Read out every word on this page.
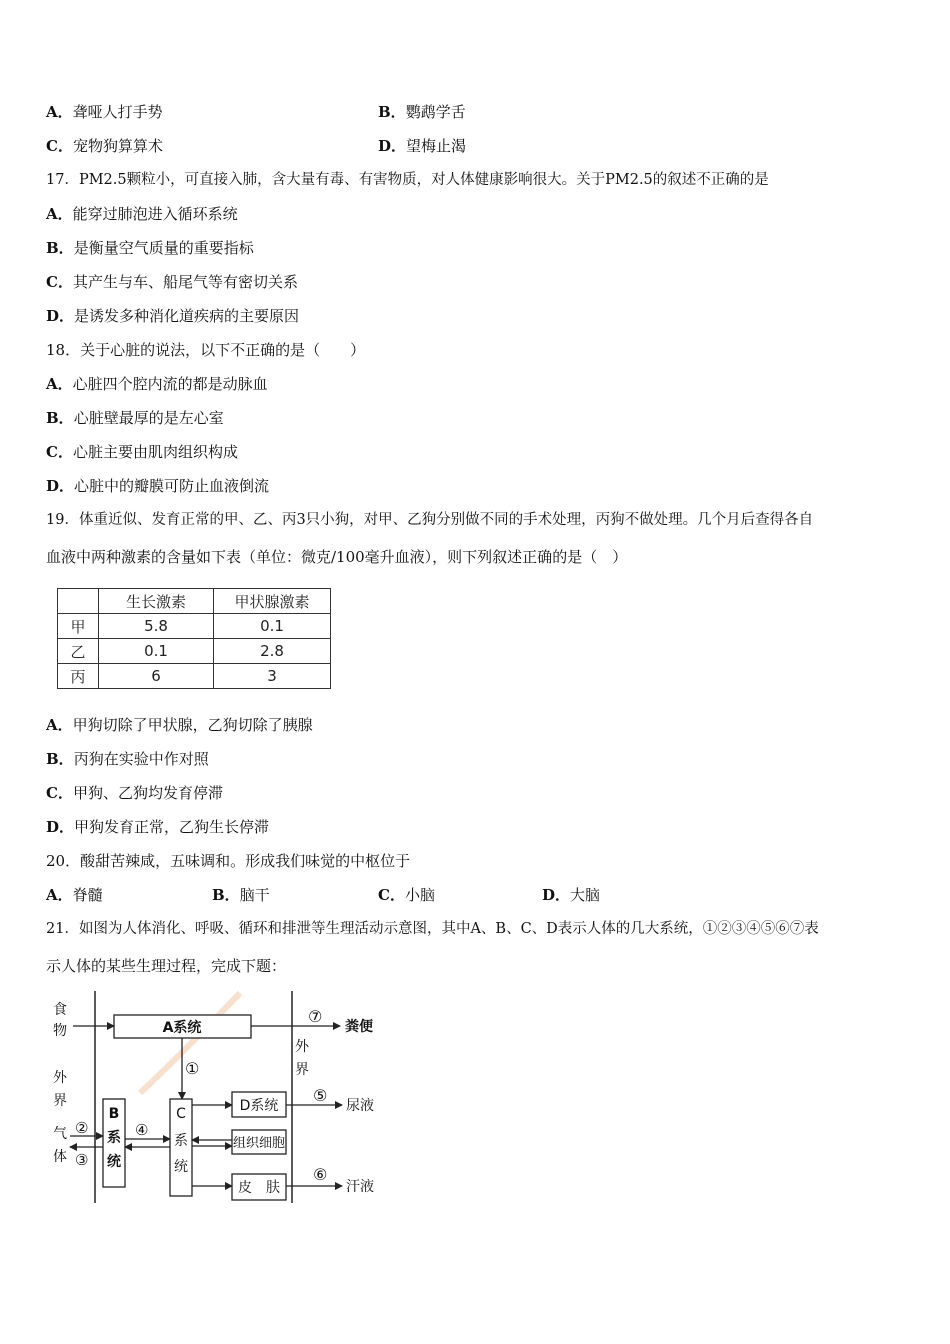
A．聋哑人打手势	B．鹦鹉学舌
C．宠物狗算算术	D．望梅止渴
17．PM2.5颗粒小，可直接入肺，含大量有毒、有害物质，对人体健康影响很大。关于PM2.5的叙述不正确的是
A．能穿过肺泡进入循环系统
B．是衡量空气质量的重要指标
C．其产生与车、船尾气等有密切关系
D．是诱发多种消化道疾病的主要原因
18．关于心脏的说法，以下不正确的是（　　）
A．心脏四个腔内流的都是动脉血
B．心脏壁最厚的是左心室
C．心脏主要由肌肉组织构成
D．心脏中的瓣膜可防止血液倒流
19．体重近似、发育正常的甲、乙、丙3只小狗，对甲、乙狗分别做不同的手术处理，丙狗不做处理。几个月后查得各自
血液中两种激素的含量如下表（单位：微克/100毫升血液），则下列叙述正确的是（　）
	生长激素	甲状腺激素
甲	5.8	0.1
乙	0.1	2.8
丙	6	3
A．甲狗切除了甲状腺，乙狗切除了胰腺
B．丙狗在实验中作对照
C．甲狗、乙狗均发育停滞
D．甲狗发育正常，乙狗生长停滞
20．酸甜苦辣咸，五味调和。形成我们味觉的中枢位于
A．脊髓	B．脑干	C．小脑	D．大脑
21．如图为人体消化、呼吸、循环和排泄等生理活动示意图，其中A、B、C、D表示人体的几大系统，①②③④⑤⑥⑦表
示人体的某些生理过程，完成下题：
A系统
食
物
⑦
粪便
外
界
①
外
界
气
体
②
③
B
系
统
④
C
系
统
D系统
⑤
尿液
组织细胞
皮　肤
⑥
汗液
